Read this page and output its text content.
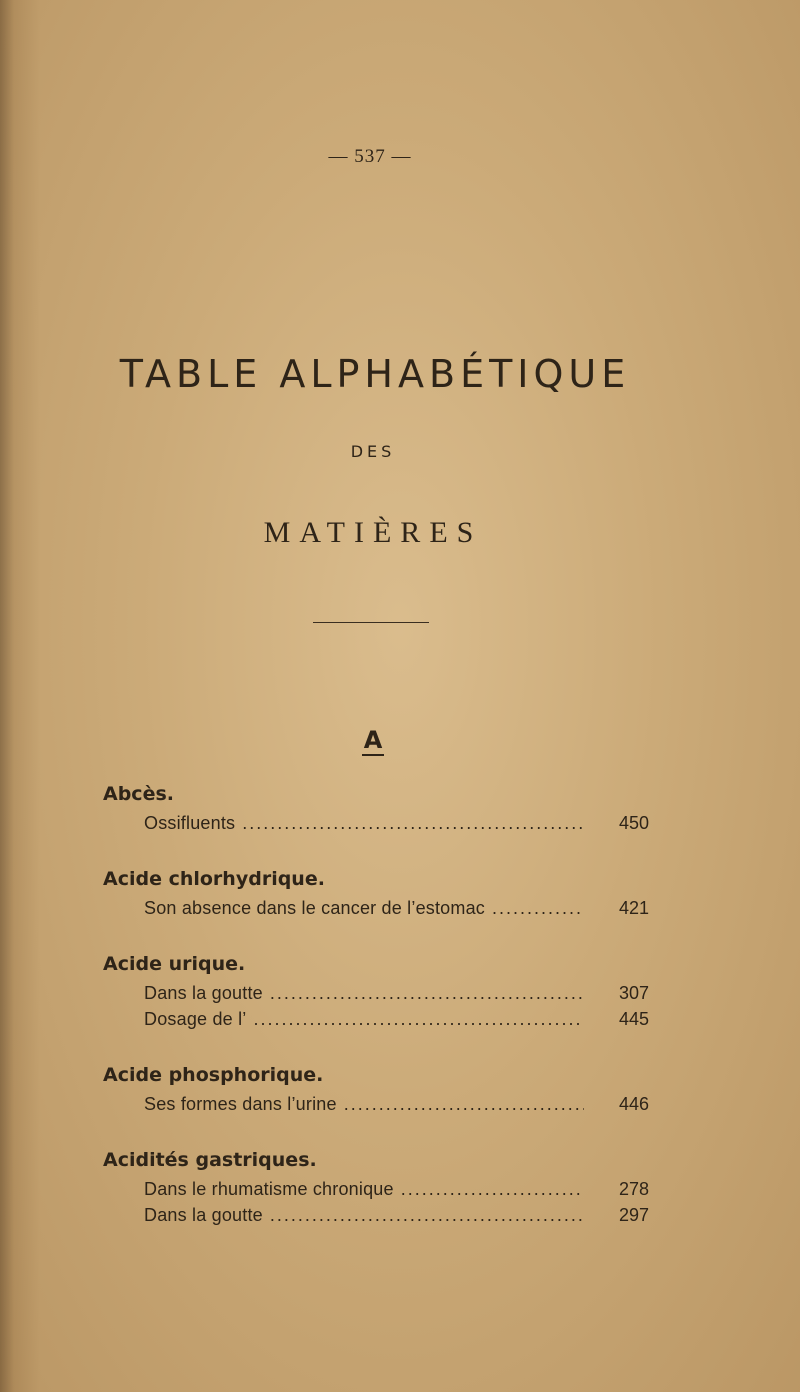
— 537 —
TABLE ALPHABÉTIQUE
DES
MATIÈRES
A
Abcès.
Ossifluents .....	450
Acide chlorhydrique.
Son absence dans le cancer de l’estomac .....	421
Acide urique.
Dans la goutte .....	307
Dosage de l’ .....	445
Acide phosphorique.
Ses formes dans l’urine .....	446
Acidités gastriques.
Dans le rhumatisme chronique .....	278
Dans la goutte .....	297
